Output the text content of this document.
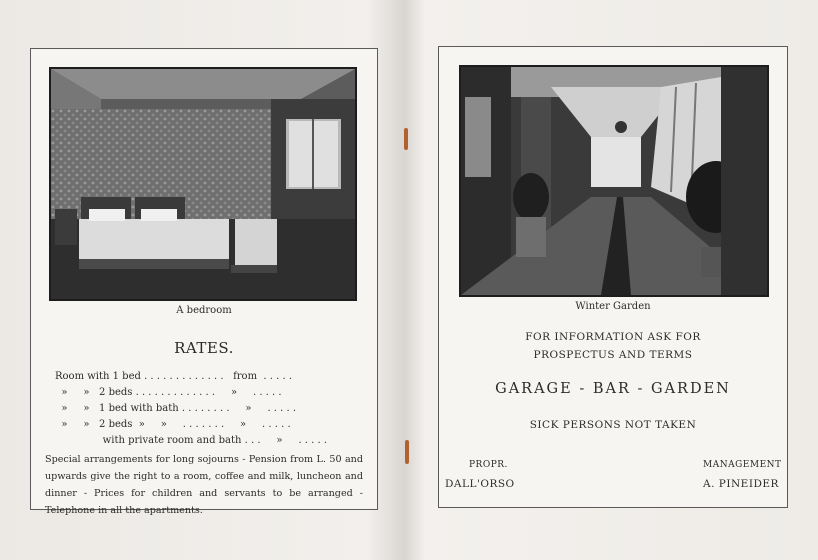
A bedroom
RATES.
Room with 1 bed . . . . . . . . . . . . .   from  . . . . .
»     »   2 beds . . . . . . . . . . . . .     »     . . . . .
»     »   1 bed with bath . . . . . . . .     »     . . . . .
»     »   2 beds  »     »     . . . . . . .     »     . . . . .
with private room and bath . . .     »     . . . . .
Special arrangements for long sojourns - Pension from L. 50 and upwards give the right to a room, coffee and milk, luncheon and dinner - Prices for children and servants to be arranged - Telephone in all the apartments.
Winter Garden
FOR INFORMATION ASK FOR
PROSPECTUS AND TERMS
GARAGE - BAR - GARDEN
SICK PERSONS NOT TAKEN
PROPR.
DALL'ORSO
MANAGEMENT
A. PINEIDER
